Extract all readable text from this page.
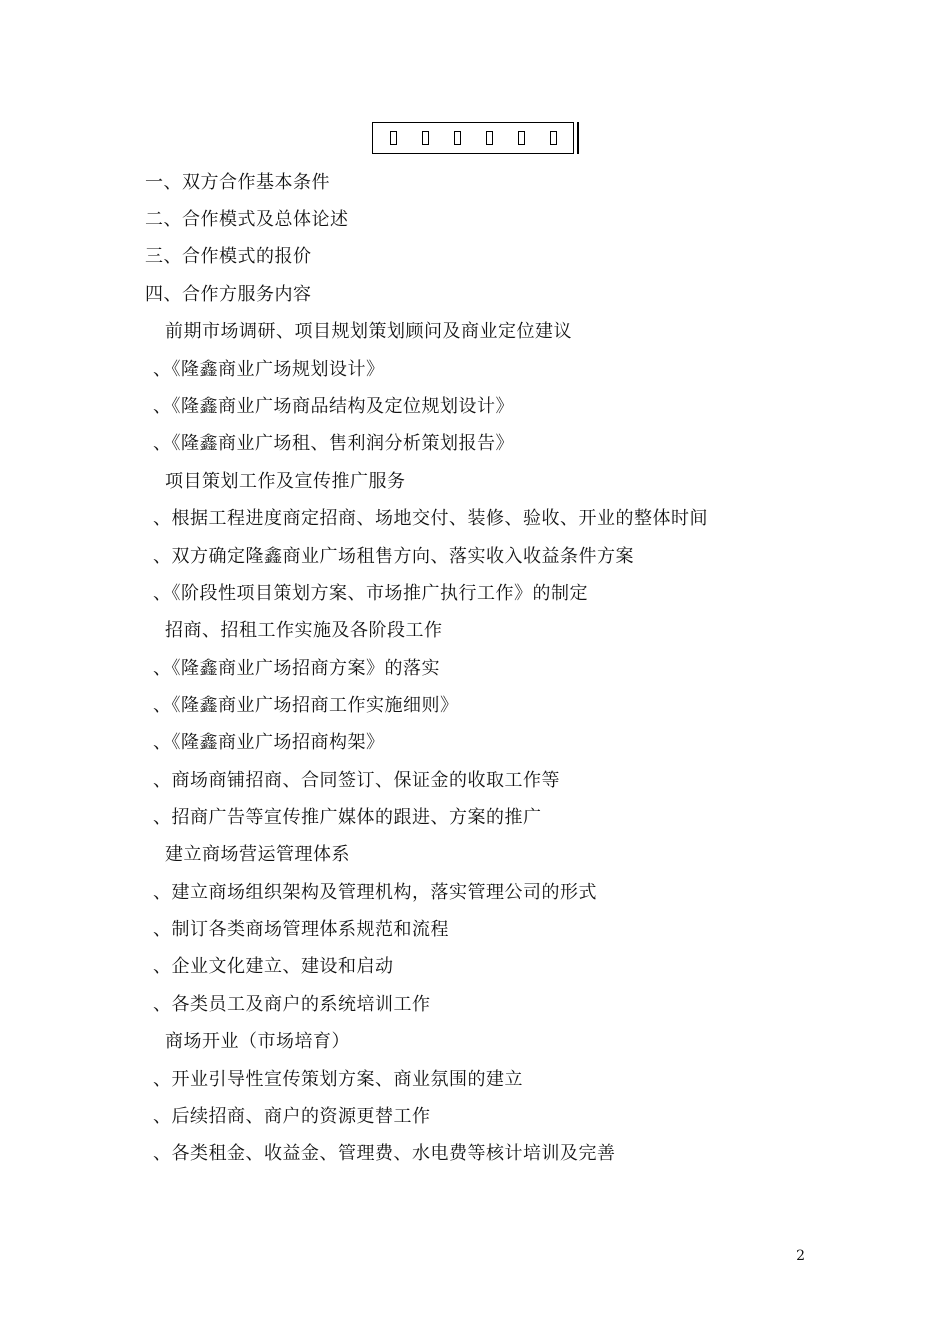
一、双方合作基本条件
二、合作模式及总体论述
三、合作模式的报价
四、合作方服务内容
前期市场调研、项目规划策划顾问及商业定位建议
、《隆鑫商业广场规划设计》
、《隆鑫商业广场商品结构及定位规划设计》
、《隆鑫商业广场租、售利润分析策划报告》
项目策划工作及宣传推广服务
、根据工程进度商定招商、场地交付、装修、验收、开业的整体时间
、双方确定隆鑫商业广场租售方向、落实收入收益条件方案
、《阶段性项目策划方案、市场推广执行工作》的制定
招商、招租工作实施及各阶段工作
、《隆鑫商业广场招商方案》的落实
、《隆鑫商业广场招商工作实施细则》
、《隆鑫商业广场招商构架》
、商场商铺招商、合同签订、保证金的收取工作等
、招商广告等宣传推广媒体的跟进、方案的推广
建立商场营运管理体系
、建立商场组织架构及管理机构，落实管理公司的形式
、制订各类商场管理体系规范和流程
、企业文化建立、建设和启动
、各类员工及商户的系统培训工作
商场开业（市场培育）
、开业引导性宣传策划方案、商业氛围的建立
、后续招商、商户的资源更替工作
、各类租金、收益金、管理费、水电费等核计培训及完善
2
